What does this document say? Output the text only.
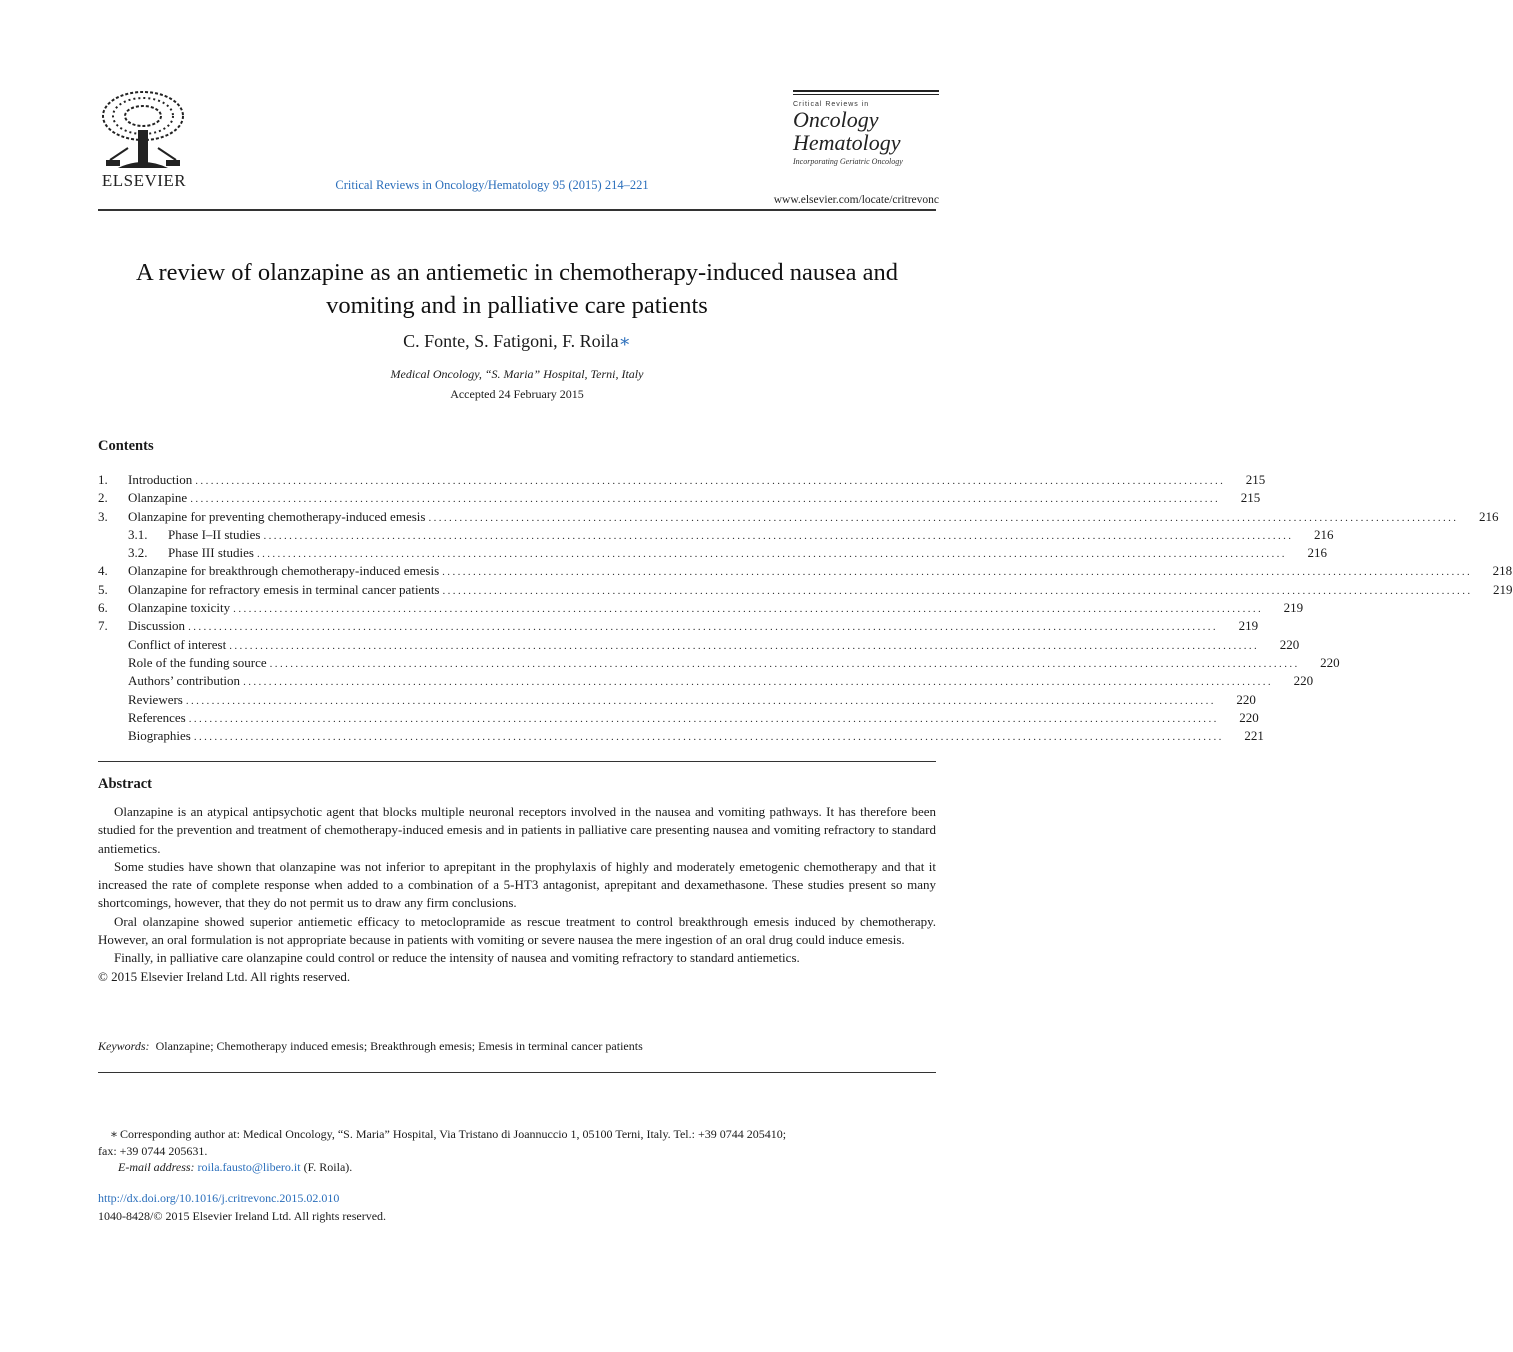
ELSEVIER	Critical Reviews in Oncology/Hematology 95 (2015) 214–221
Critical Reviews in
Oncology
Hematology
Incorporating Geriatric Oncology
www.elsevier.com/locate/critrevonc
A review of olanzapine as an antiemetic in chemotherapy-induced nausea and vomiting and in palliative care patients
C. Fonte, S. Fatigoni, F. Roila∗
Medical Oncology, “S. Maria” Hospital, Terni, Italy
Accepted 24 February 2015
Contents
1.	Introduction ........................................................................................................................................................................................................	215
2.	Olanzapine ........................................................................................................................................................................................................	215
3.	Olanzapine for preventing chemotherapy-induced emesis ........................................................................................................................................................................................................	216
3.1.	Phase I–II studies ........................................................................................................................................................................................................	216
3.2.	Phase III studies ........................................................................................................................................................................................................	216
4.	Olanzapine for breakthrough chemotherapy-induced emesis ........................................................................................................................................................................................................	218
5.	Olanzapine for refractory emesis in terminal cancer patients ........................................................................................................................................................................................................	219
6.	Olanzapine toxicity ........................................................................................................................................................................................................	219
7.	Discussion ........................................................................................................................................................................................................	219
Conflict of interest ........................................................................................................................................................................................................	220
Role of the funding source ........................................................................................................................................................................................................	220
Authors’ contribution ........................................................................................................................................................................................................	220
Reviewers ........................................................................................................................................................................................................	220
References ........................................................................................................................................................................................................	220
Biographies ........................................................................................................................................................................................................	221
Abstract

Olanzapine is an atypical antipsychotic agent that blocks multiple neuronal receptors involved in the nausea and vomiting pathways. It has therefore been studied for the prevention and treatment of chemotherapy-induced emesis and in patients in palliative care presenting nausea and vomiting refractory to standard antiemetics.

Some studies have shown that olanzapine was not inferior to aprepitant in the prophylaxis of highly and moderately emetogenic chemotherapy and that it increased the rate of complete response when added to a combination of a 5-HT3 antagonist, aprepitant and dexamethasone. These studies present so many shortcomings, however, that they do not permit us to draw any firm conclusions.

Oral olanzapine showed superior antiemetic efficacy to metoclopramide as rescue treatment to control breakthrough emesis induced by chemotherapy. However, an oral formulation is not appropriate because in patients with vomiting or severe nausea the mere ingestion of an oral drug could induce emesis.

Finally, in palliative care olanzapine could control or reduce the intensity of nausea and vomiting refractory to standard antiemetics.

© 2015 Elsevier Ireland Ltd. All rights reserved.

Keywords: Olanzapine; Chemotherapy induced emesis; Breakthrough emesis; Emesis in terminal cancer patients
∗ Corresponding author at: Medical Oncology, “S. Maria” Hospital, Via Tristano di Joannuccio 1, 05100 Terni, Italy. Tel.: +39 0744 205410;
fax: +39 0744 205631.
E-mail address: roila.fausto@libero.it (F. Roila).
http://dx.doi.org/10.1016/j.critrevonc.2015.02.010
1040-8428/© 2015 Elsevier Ireland Ltd. All rights reserved.
